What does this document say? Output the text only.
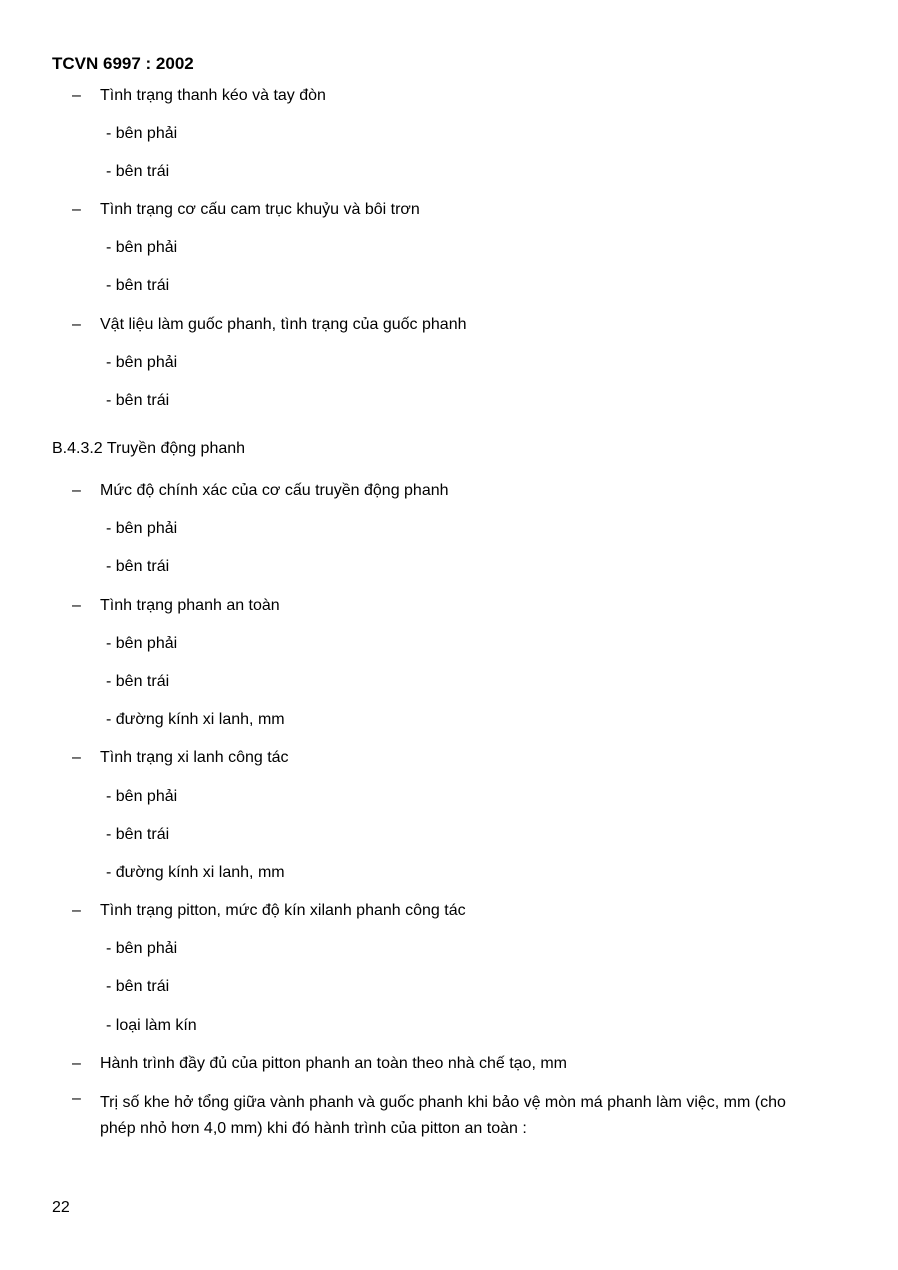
TCVN 6997 : 2002
– Tình trạng thanh kéo và tay đòn
- bên phải
- bên trái
– Tình trạng cơ cấu cam trục khuỷu và bôi trơn
- bên phải
- bên trái
– Vật liệu làm guốc phanh, tình trạng của guốc phanh
- bên phải
- bên trái
B.4.3.2 Truyền động phanh
– Mức độ chính xác của cơ cấu truyền động phanh
- bên phải
- bên trái
– Tình trạng phanh an toàn
- bên phải
- bên trái
- đường kính xi lanh, mm
– Tình trạng xi lanh công tác
- bên phải
- bên trái
- đường kính xi lanh, mm
– Tình trạng pitton, mức độ kín xilanh phanh công tác
- bên phải
- bên trái
- loại làm kín
– Hành trình đầy đủ của pitton phanh an toàn theo nhà chế tạo, mm
– Trị số khe hở tổng giữa vành phanh và guốc phanh khi bảo vệ mòn má phanh làm việc, mm (cho phép nhỏ hơn 4,0 mm) khi đó hành trình của pitton an toàn :
22
